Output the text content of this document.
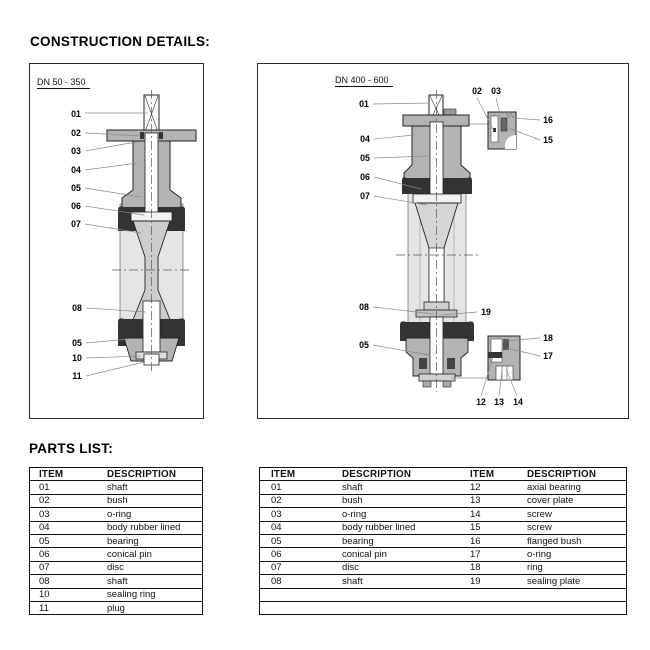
CONSTRUCTION DETAILS:
DN 50 - 350	DN 400 - 600
01
02
03
04
05
06
07
08
05
10
11
01
04
05
06
07
08
05
19
02 03
16
15
18
17
12 13 14
PARTS LIST:
ITEM	DESCRIPTION
01	shaft
02	bush
03	o-ring
04	body rubber lined
05	bearing
06	conical pin
07	disc
08	shaft
10	sealing ring
11	plug
ITEM	DESCRIPTION	ITEM	DESCRIPTION
01	shaft	12	axial bearing
02	bush	13	cover plate
03	o-ring	14	screw
04	body rubber lined	15	screw
05	bearing	16	flanged bush
06	conical pin	17	o-ring
07	disc	18	ring
08	shaft	19	sealing plate
